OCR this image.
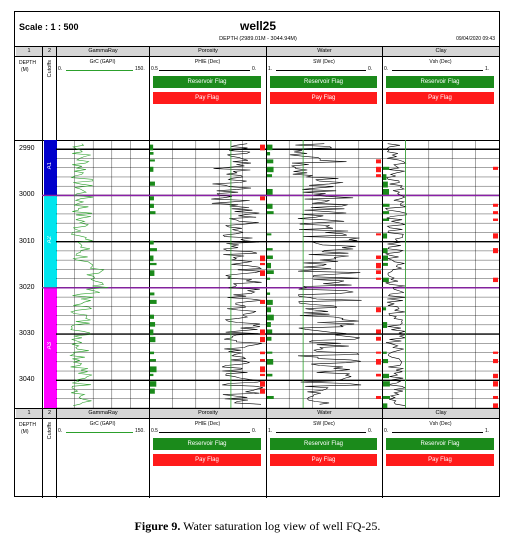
Scale : 1 : 500	well25
DEPTH (2989.01M - 3044.94M)	09/04/2020 09:43
1	2	GammaRay	Porosity	Water	Clay
DEPTH
(M)	Cutoffs	GrC (GAPI)
0.	150.
PHIE (Dec)
0.5	0.
Reservoir Flag
Pay Flag
SW (Dec)
1.	0.
Reservoir Flag
Pay Flag
Vsh (Dec)
0.	1.
Reservoir Flag
Pay Flag
2990
3000
3010
3020
3030
3040
A1
A2
A3
1	2	GammaRay	Porosity	Water	Clay
DEPTH
(M)	Cutoffs	GrC (GAPI)
0.	150.
PHIE (Dec)
0.5	0.
Reservoir Flag
Pay Flag
SW (Dec)
1.	0.
Reservoir Flag
Pay Flag
Vsh (Dec)
0.	1.
Reservoir Flag
Pay Flag
Figure 9. Water saturation log view of well FQ-25.
